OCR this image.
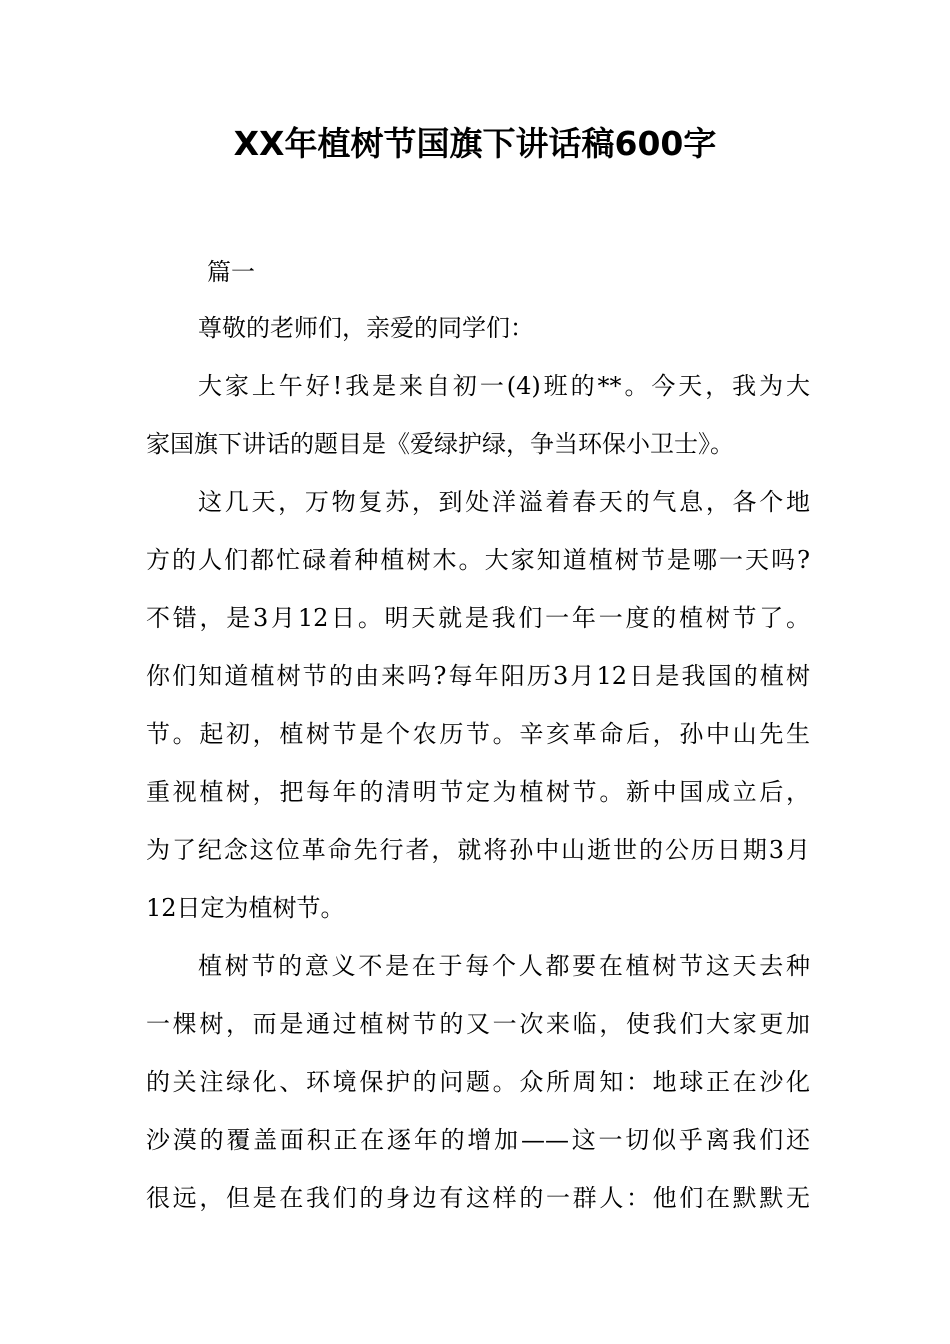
XX年植树节国旗下讲话稿600字

篇一

尊敬的老师们，亲爱的同学们：
大家上午好!我是来自初一(4)班的**。今天，我为大
家国旗下讲话的题目是《爱绿护绿，争当环保小卫士》。
这几天，万物复苏，到处洋溢着春天的气息，各个地
方的人们都忙碌着种植树木。大家知道植树节是哪一天吗?
不错，是3月12日。明天就是我们一年一度的植树节了。
你们知道植树节的由来吗?每年阳历3月12日是我国的植树
节。起初，植树节是个农历节。辛亥革命后，孙中山先生
重视植树，把每年的清明节定为植树节。新中国成立后，
为了纪念这位革命先行者，就将孙中山逝世的公历日期3月
12日定为植树节。
植树节的意义不是在于每个人都要在植树节这天去种
一棵树，而是通过植树节的又一次来临，使我们大家更加
的关注绿化、环境保护的问题。众所周知：地球正在沙化
沙漠的覆盖面积正在逐年的增加——这一切似乎离我们还
很远，但是在我们的身边有这样的一群人：他们在默默无
